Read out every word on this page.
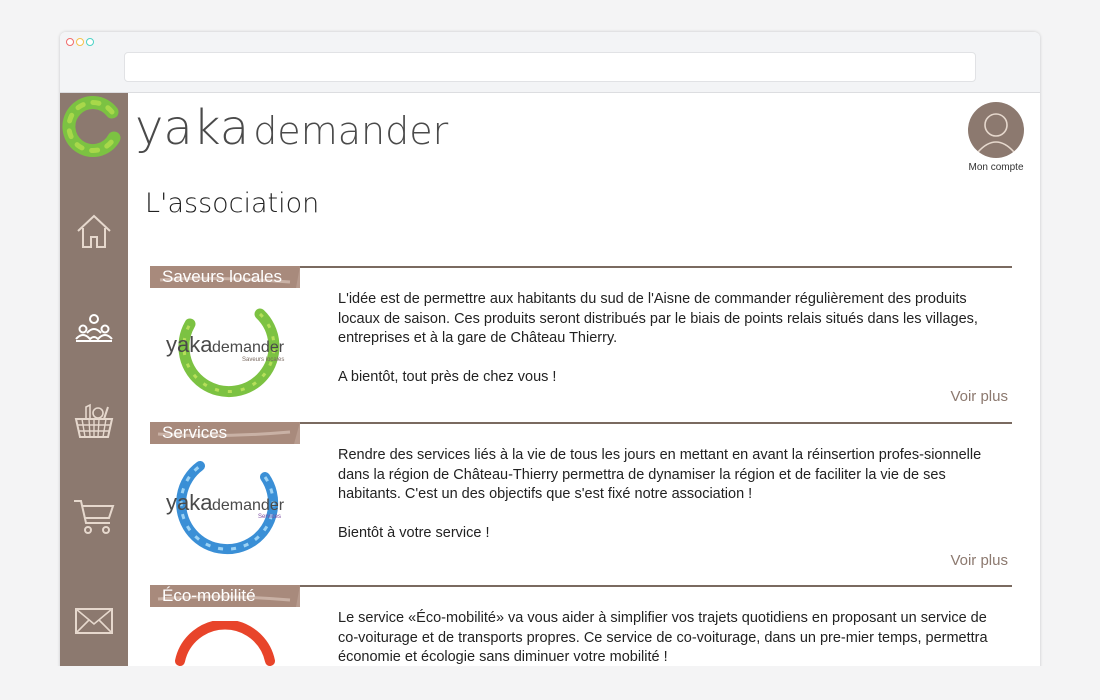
yaka demander
Mon compte
L'association
Saveurs locales
yaka demander
Saveurs locales

L'idée est de permettre aux habitants du sud de l'Aisne de commander régulièrement des produits locaux de saison. Ces produits seront distribués par le biais de points relais situés dans les villages, entreprises et à la gare de Château Thierry.

A bientôt, tout près de chez vous !

Voir plus
Services
yaka demander
Services

Rendre des services liés à la vie de tous les jours en mettant en avant la réinsertion profes-sionnelle dans la région de Château-Thierry permettra de dynamiser la région et de faciliter la vie de ses habitants. C'est un des objectifs que s'est fixé notre association !

Bientôt à votre service !

Voir plus
Éco-mobilité

Le service «Éco-mobilité» va vous aider à simplifier vos trajets quotidiens en proposant un service de co-voiturage et de transports propres. Ce service de co-voiturage, dans un pre-mier temps, permettra économie et écologie sans diminuer votre mobilité !
